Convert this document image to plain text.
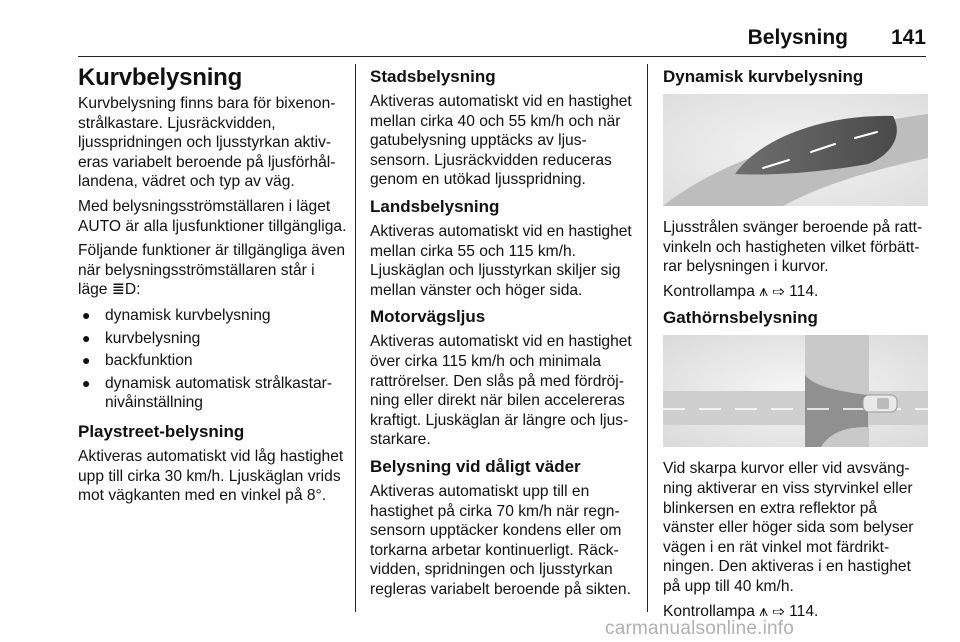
Belysning 141
Kurvbelysning

Kurvbelysning finns bara för bixenon-strålkastare. Ljusräckvidden, ljusspridningen och ljusstyrkan aktiveras variabelt beroende på ljusförhållandena, vädret och typ av väg.

Med belysningsströmställaren i läget AUTO är alla ljusfunktioner tillgängliga.

Följande funktioner är tillgängliga även när belysningsströmställaren står i läge ≣D:

● dynamisk kurvbelysning
● kurvbelysning
● backfunktion
● dynamisk automatisk strålkastarnivåinställning
Playstreet-belysning

Aktiveras automatiskt vid låg hastighet upp till cirka 30 km/h. Ljuskäglan vrids mot vägkanten med en vinkel på 8°.

Stadsbelysning

Aktiveras automatiskt vid en hastighet mellan cirka 40 och 55 km/h och när gatubelysning upptäcks av ljussensorn. Ljusräckvidden reduceras genom en utökad ljusspridning.

Landsbelysning

Aktiveras automatiskt vid en hastighet mellan cirka 55 och 115 km/h. Ljuskäglan och ljusstyrkan skiljer sig mellan vänster och höger sida.

Motorvägsljus

Aktiveras automatiskt vid en hastighet över cirka 115 km/h och minimala rattrörelser. Den slås på med fördröjning eller direkt när bilen accelereras kraftigt. Ljuskäglan är längre och ljusstarkare.

Belysning vid dåligt väder

Aktiveras automatiskt upp till en hastighet på cirka 70 km/h när regnsensorn upptäcker kondens eller om torkarna arbetar kontinuerligt. Räckvidden, spridningen och ljusstyrkan regleras variabelt beroende på sikten.

Dynamisk kurvbelysning

Ljusstrålen svänger beroende på rattvinkeln och hastigheten vilket förbättrar belysningen i kurvor.

Kontrollampa ⩚ ⇨ 114.

Gathörnsbelysning

Vid skarpa kurvor eller vid avsvängning aktiverar en viss styrvinkel eller blinkersen en extra reflektor på vänster eller höger sida som belyser vägen i en rät vinkel mot färdriktningen. Den aktiveras i en hastighet på upp till 40 km/h.

Kontrollampa ⩚ ⇨ 114.

carmanualsonline.info
